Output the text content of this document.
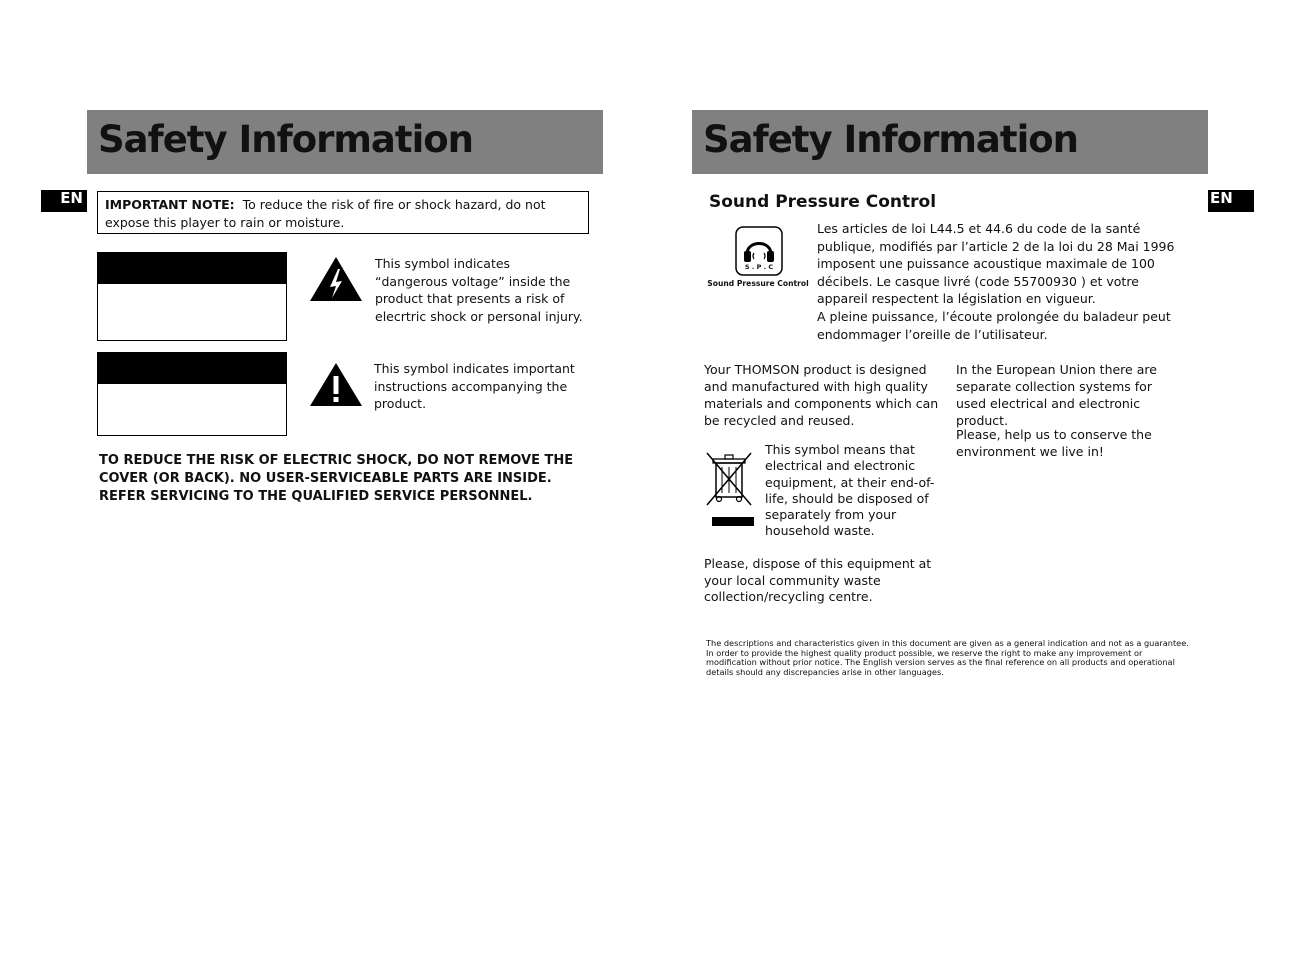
Safety Information
EN	IMPORTANT NOTE: To reduce the risk of fire or shock hazard, do not expose this player to rain or moisture.
This symbol indicates “dangerous voltage” inside the product that presents a risk of elecrtric shock or personal injury.
This symbol indicates important instructions accompanying the product.
TO REDUCE THE RISK OF ELECTRIC SHOCK, DO NOT REMOVE THE COVER (OR BACK). NO USER-SERVICEABLE PARTS ARE INSIDE. REFER SERVICING TO THE QUALIFIED SERVICE PERSONNEL.
Safety Information
EN
Sound Pressure Control
S . P . C
Sound Pressure Control
Les articles de loi L44.5 et 44.6 du code de la santé publique, modifiés par l’article 2 de la loi du 28 Mai 1996 imposent une puissance acoustique maximale de 100 décibels. Le casque livré (code 55700930 ) et votre appareil respectent la législation en vigueur.
A pleine puissance, l’écoute prolongée du baladeur peut endommager l’oreille de l’utilisateur.
Your THOMSON product is designed and manufactured with high quality materials and components which can be recycled and reused.
This symbol means that electrical and electronic equipment, at their end-of-life, should be disposed of separately from your household waste.
Please, dispose of this equipment at your local community waste collection/recycling centre.
In the European Union there are separate collection systems for
used electrical and electronic product.
Please, help us to conserve the environment we live in!
The descriptions and characteristics given in this document are given as a general indication and not as a guarantee. In order to provide the highest quality product possible, we reserve the right to make any improvement or modification without prior notice. The English version serves as the final reference on all products and operational details should any discrepancies arise in other languages.
